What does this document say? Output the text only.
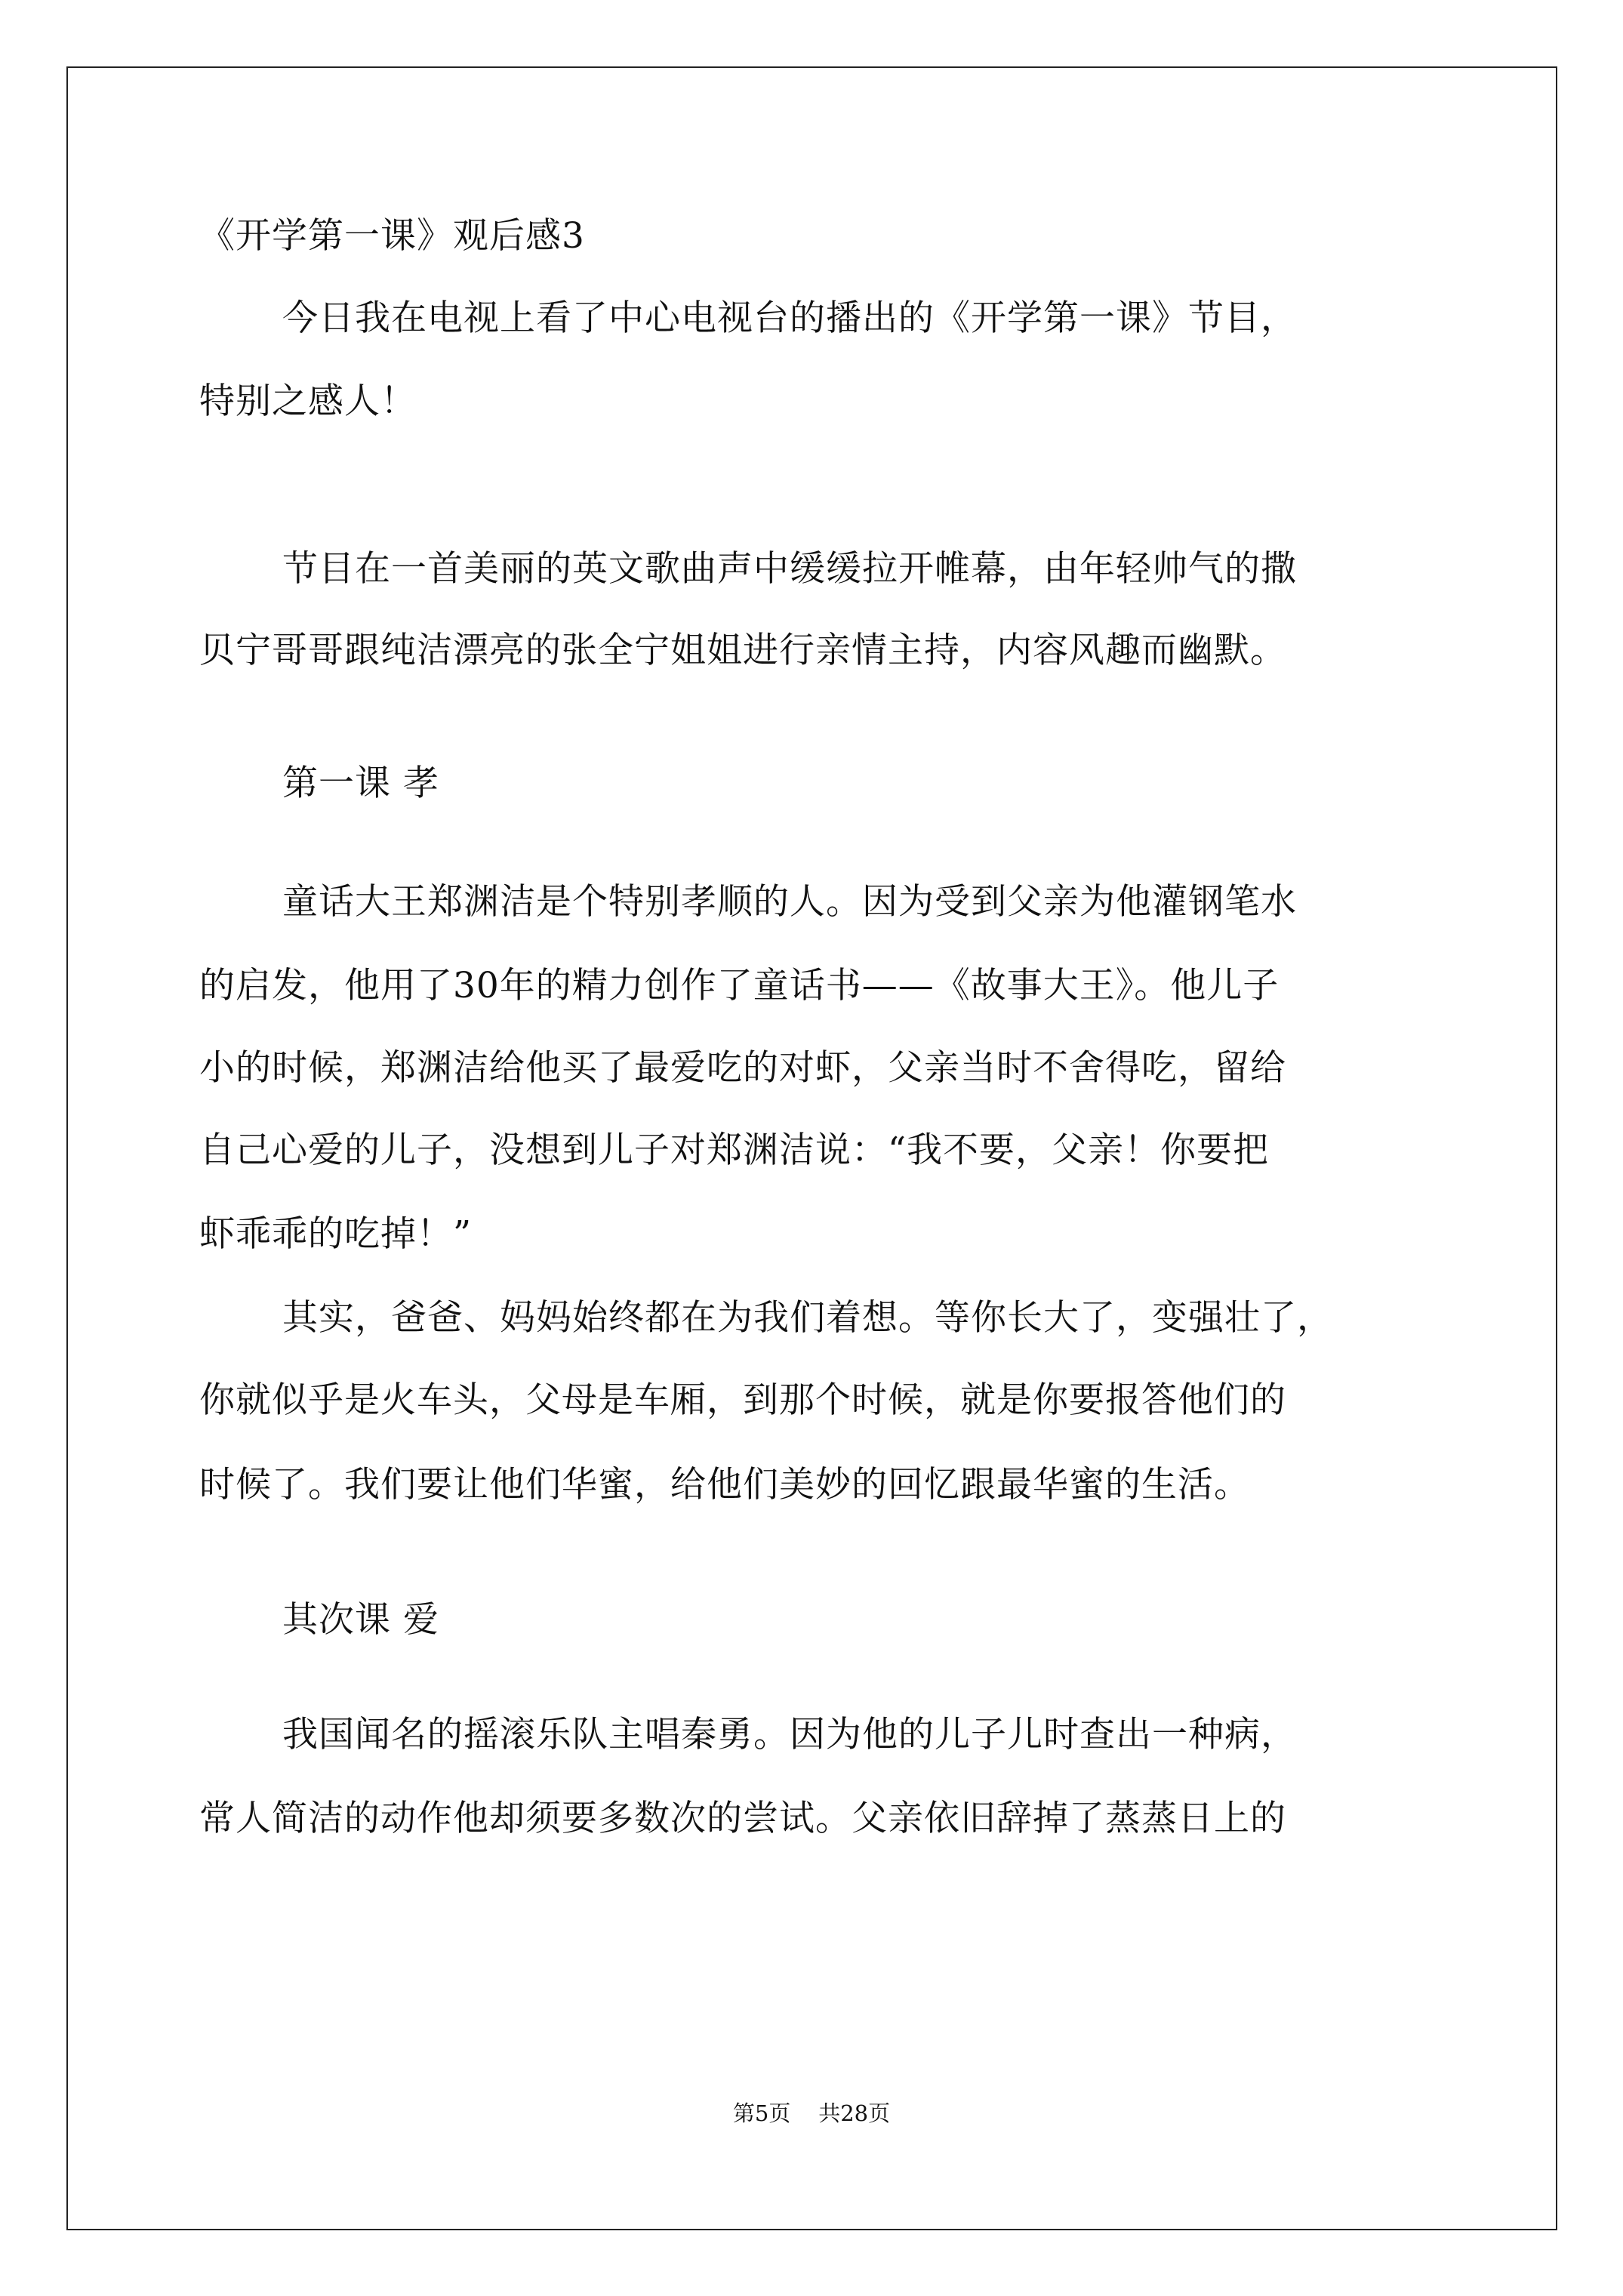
《开学第一课》观后感3
今日我在电视上看了中心电视台的播出的《开学第一课》节目，
特别之感人！
节目在一首美丽的英文歌曲声中缓缓拉开帷幕，由年轻帅气的撒
贝宁哥哥跟纯洁漂亮的张全宁姐姐进行亲情主持，内容风趣而幽默。
第一课 孝
童话大王郑渊洁是个特别孝顺的人。因为受到父亲为他灌钢笔水
的启发，他用了30年的精力创作了童话书——《故事大王》。他儿子
小的时候，郑渊洁给他买了最爱吃的对虾，父亲当时不舍得吃，留给
自己心爱的儿子，没想到儿子对郑渊洁说：“我不要，父亲！你要把
虾乖乖的吃掉！”
其实，爸爸、妈妈始终都在为我们着想。等你长大了，变强壮了，
你就似乎是火车头，父母是车厢，到那个时候，就是你要报答他们的
时候了。我们要让他们华蜜，给他们美妙的回忆跟最华蜜的生活。
其次课 爱
我国闻名的摇滚乐队主唱秦勇。因为他的儿子儿时查出一种病，
常人简洁的动作他却须要多数次的尝试。父亲依旧辞掉了蒸蒸日上的
第5页    共28页
